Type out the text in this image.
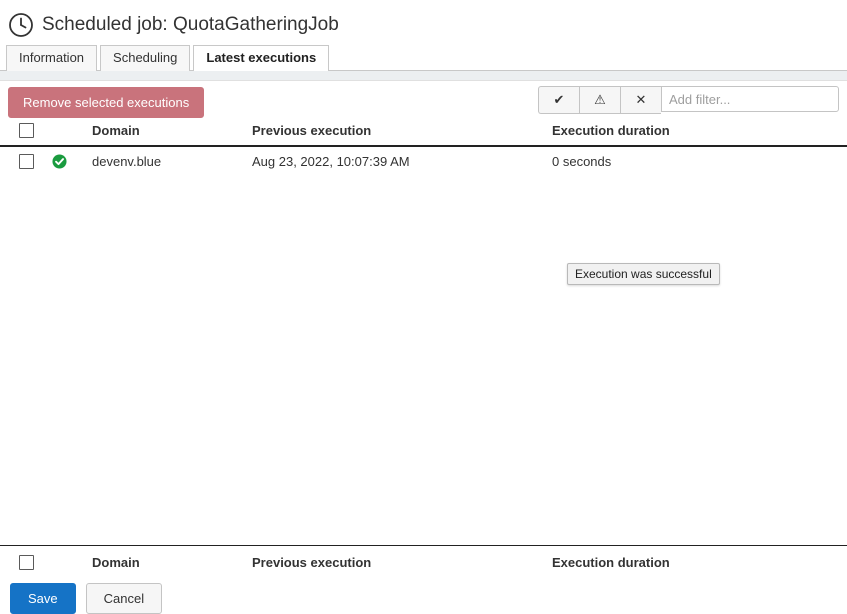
Scheduled job: QuotaGatheringJob
Information	Scheduling	Latest executions
Remove selected executions	✔	⚠	✕
Add filter...
		Domain	Previous execution	Execution duration
		devenv.blue	Aug 23, 2022, 10:07:39 AM	0 seconds
Execution was successful
		Domain	Previous execution	Execution duration
Save	Cancel
